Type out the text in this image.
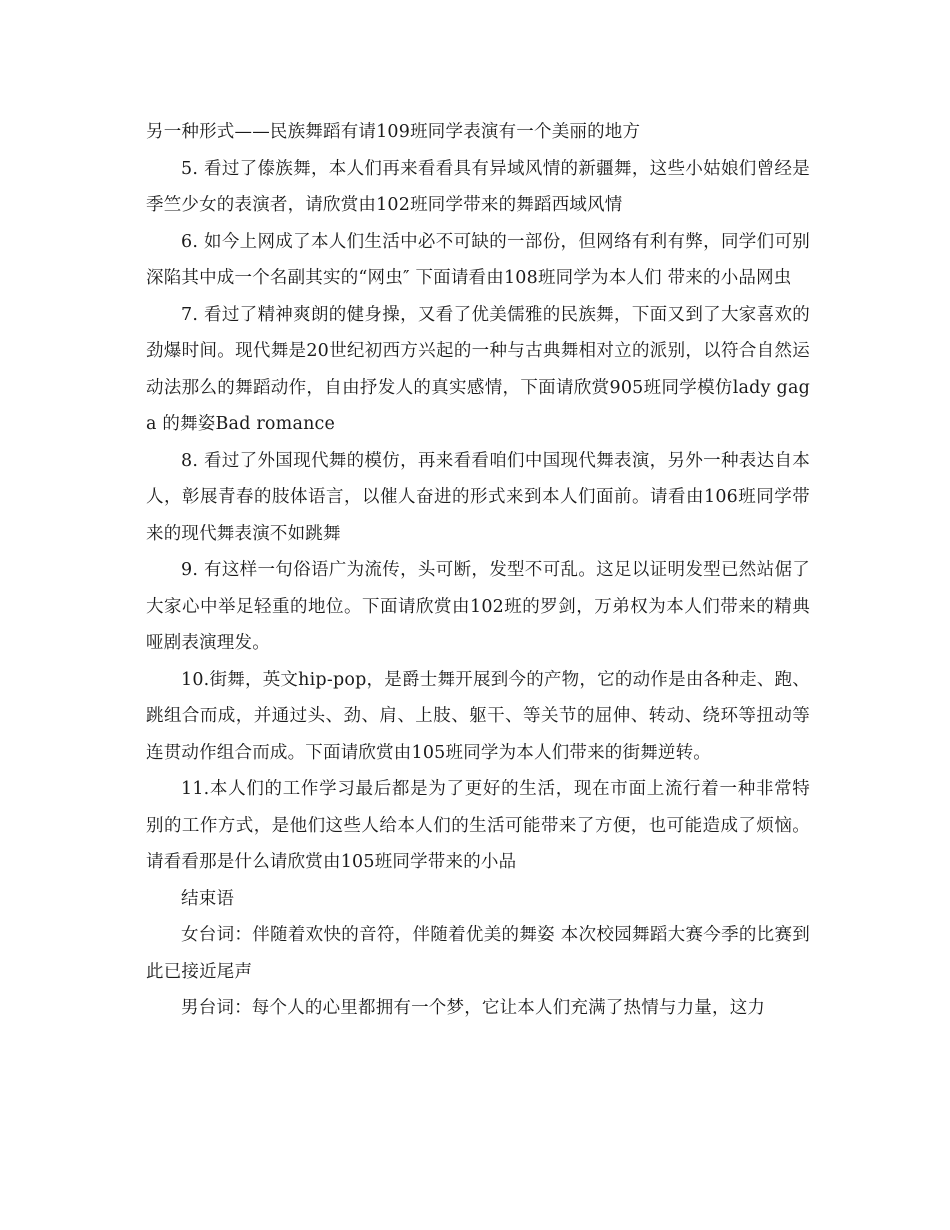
另一种形式——民族舞蹈有请109班同学表演有一个美丽的地方

5. 看过了傣族舞，本人们再来看看具有异域风情的新疆舞，这些小姑娘们曾经是季竺少女的表演者，请欣赏由102班同学带来的舞蹈西域风情

6. 如今上网成了本人们生活中必不可缺的一部份，但网络有利有弊，同学们可别深陷其中成一个名副其实的“网虫″ 下面请看由108班同学为本人们 带来的小品网虫

7. 看过了精神爽朗的健身操，又看了优美儒雅的民族舞，下面又到了大家喜欢的劲爆时间。现代舞是20世纪初西方兴起的一种与古典舞相对立的派别，以符合自然运动法那么的舞蹈动作，自由抒发人的真实感情，下面请欣赏905班同学模仿lady gaga 的舞姿Bad romance

8. 看过了外国现代舞的模仿，再来看看咱们中国现代舞表演，另外一种表达自本人，彰展青春的肢体语言，以催人奋进的形式来到本人们面前。请看由106班同学带来的现代舞表演不如跳舞

9. 有这样一句俗语广为流传，头可断，发型不可乱。这足以证明发型已然站倨了大家心中举足轻重的地位。下面请欣赏由102班的罗剑，万弟权为本人们带来的精典哑剧表演理发。

10.街舞，英文hip-pop，是爵士舞开展到今的产物，它的动作是由各种走、跑、跳组合而成，并通过头、劲、肩、上肢、躯干、等关节的屈伸、转动、绕环等扭动等连贯动作组合而成。下面请欣赏由105班同学为本人们带来的街舞逆转。

11.本人们的工作学习最后都是为了更好的生活，现在市面上流行着一种非常特别的工作方式，是他们这些人给本人们的生活可能带来了方便，也可能造成了烦恼。请看看那是什么请欣赏由105班同学带来的小品

结束语

女台词：伴随着欢快的音符，伴随着优美的舞姿 本次校园舞蹈大赛今季的比赛到此已接近尾声

男台词：每个人的心里都拥有一个梦，它让本人们充满了热情与力量，这力
